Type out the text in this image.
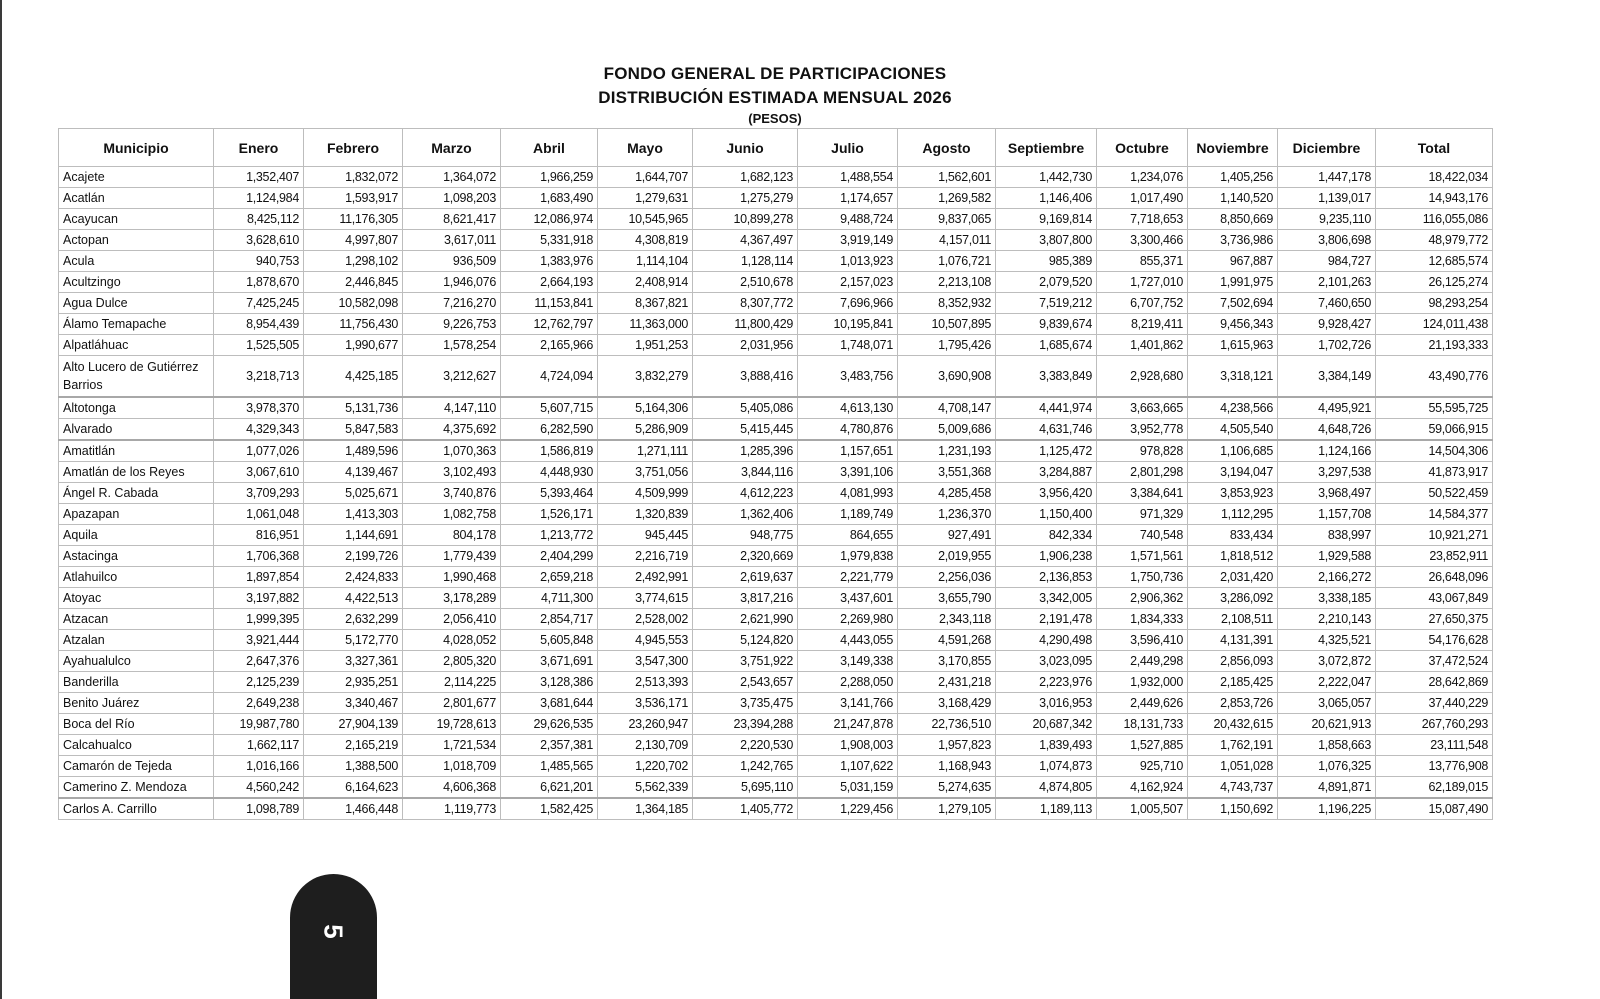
FONDO GENERAL DE PARTICIPACIONES
DISTRIBUCIÓN ESTIMADA MENSUAL 2026
(PESOS)
Municipio	Enero	Febrero	Marzo	Abril	Mayo	Junio	Julio	Agosto	Septiembre	Octubre	Noviembre	Diciembre	Total
Acajete	1,352,407	1,832,072	1,364,072	1,966,259	1,644,707	1,682,123	1,488,554	1,562,601	1,442,730	1,234,076	1,405,256	1,447,178	18,422,034
Acatlán	1,124,984	1,593,917	1,098,203	1,683,490	1,279,631	1,275,279	1,174,657	1,269,582	1,146,406	1,017,490	1,140,520	1,139,017	14,943,176
Acayucan	8,425,112	11,176,305	8,621,417	12,086,974	10,545,965	10,899,278	9,488,724	9,837,065	9,169,814	7,718,653	8,850,669	9,235,110	116,055,086
Actopan	3,628,610	4,997,807	3,617,011	5,331,918	4,308,819	4,367,497	3,919,149	4,157,011	3,807,800	3,300,466	3,736,986	3,806,698	48,979,772
Acula	940,753	1,298,102	936,509	1,383,976	1,114,104	1,128,114	1,013,923	1,076,721	985,389	855,371	967,887	984,727	12,685,574
Acultzingo	1,878,670	2,446,845	1,946,076	2,664,193	2,408,914	2,510,678	2,157,023	2,213,108	2,079,520	1,727,010	1,991,975	2,101,263	26,125,274
Agua Dulce	7,425,245	10,582,098	7,216,270	11,153,841	8,367,821	8,307,772	7,696,966	8,352,932	7,519,212	6,707,752	7,502,694	7,460,650	98,293,254
Álamo Temapache	8,954,439	11,756,430	9,226,753	12,762,797	11,363,000	11,800,429	10,195,841	10,507,895	9,839,674	8,219,411	9,456,343	9,928,427	124,011,438
Alpatláhuac	1,525,505	1,990,677	1,578,254	2,165,966	1,951,253	2,031,956	1,748,071	1,795,426	1,685,674	1,401,862	1,615,963	1,702,726	21,193,333
Alto Lucero de Gutiérrez Barrios	3,218,713	4,425,185	3,212,627	4,724,094	3,832,279	3,888,416	3,483,756	3,690,908	3,383,849	2,928,680	3,318,121	3,384,149	43,490,776
Altotonga	3,978,370	5,131,736	4,147,110	5,607,715	5,164,306	5,405,086	4,613,130	4,708,147	4,441,974	3,663,665	4,238,566	4,495,921	55,595,725
Alvarado	4,329,343	5,847,583	4,375,692	6,282,590	5,286,909	5,415,445	4,780,876	5,009,686	4,631,746	3,952,778	4,505,540	4,648,726	59,066,915
Amatitlán	1,077,026	1,489,596	1,070,363	1,586,819	1,271,111	1,285,396	1,157,651	1,231,193	1,125,472	978,828	1,106,685	1,124,166	14,504,306
Amatlán de los Reyes	3,067,610	4,139,467	3,102,493	4,448,930	3,751,056	3,844,116	3,391,106	3,551,368	3,284,887	2,801,298	3,194,047	3,297,538	41,873,917
Ángel R. Cabada	3,709,293	5,025,671	3,740,876	5,393,464	4,509,999	4,612,223	4,081,993	4,285,458	3,956,420	3,384,641	3,853,923	3,968,497	50,522,459
Apazapan	1,061,048	1,413,303	1,082,758	1,526,171	1,320,839	1,362,406	1,189,749	1,236,370	1,150,400	971,329	1,112,295	1,157,708	14,584,377
Aquila	816,951	1,144,691	804,178	1,213,772	945,445	948,775	864,655	927,491	842,334	740,548	833,434	838,997	10,921,271
Astacinga	1,706,368	2,199,726	1,779,439	2,404,299	2,216,719	2,320,669	1,979,838	2,019,955	1,906,238	1,571,561	1,818,512	1,929,588	23,852,911
Atlahuilco	1,897,854	2,424,833	1,990,468	2,659,218	2,492,991	2,619,637	2,221,779	2,256,036	2,136,853	1,750,736	2,031,420	2,166,272	26,648,096
Atoyac	3,197,882	4,422,513	3,178,289	4,711,300	3,774,615	3,817,216	3,437,601	3,655,790	3,342,005	2,906,362	3,286,092	3,338,185	43,067,849
Atzacan	1,999,395	2,632,299	2,056,410	2,854,717	2,528,002	2,621,990	2,269,980	2,343,118	2,191,478	1,834,333	2,108,511	2,210,143	27,650,375
Atzalan	3,921,444	5,172,770	4,028,052	5,605,848	4,945,553	5,124,820	4,443,055	4,591,268	4,290,498	3,596,410	4,131,391	4,325,521	54,176,628
Ayahualulco	2,647,376	3,327,361	2,805,320	3,671,691	3,547,300	3,751,922	3,149,338	3,170,855	3,023,095	2,449,298	2,856,093	3,072,872	37,472,524
Banderilla	2,125,239	2,935,251	2,114,225	3,128,386	2,513,393	2,543,657	2,288,050	2,431,218	2,223,976	1,932,000	2,185,425	2,222,047	28,642,869
Benito Juárez	2,649,238	3,340,467	2,801,677	3,681,644	3,536,171	3,735,475	3,141,766	3,168,429	3,016,953	2,449,626	2,853,726	3,065,057	37,440,229
Boca del Río	19,987,780	27,904,139	19,728,613	29,626,535	23,260,947	23,394,288	21,247,878	22,736,510	20,687,342	18,131,733	20,432,615	20,621,913	267,760,293
Calcahualco	1,662,117	2,165,219	1,721,534	2,357,381	2,130,709	2,220,530	1,908,003	1,957,823	1,839,493	1,527,885	1,762,191	1,858,663	23,111,548
Camarón de Tejeda	1,016,166	1,388,500	1,018,709	1,485,565	1,220,702	1,242,765	1,107,622	1,168,943	1,074,873	925,710	1,051,028	1,076,325	13,776,908
Camerino Z. Mendoza	4,560,242	6,164,623	4,606,368	6,621,201	5,562,339	5,695,110	5,031,159	5,274,635	4,874,805	4,162,924	4,743,737	4,891,871	62,189,015
Carlos A. Carrillo	1,098,789	1,466,448	1,119,773	1,582,425	1,364,185	1,405,772	1,229,456	1,279,105	1,189,113	1,005,507	1,150,692	1,196,225	15,087,490
5
